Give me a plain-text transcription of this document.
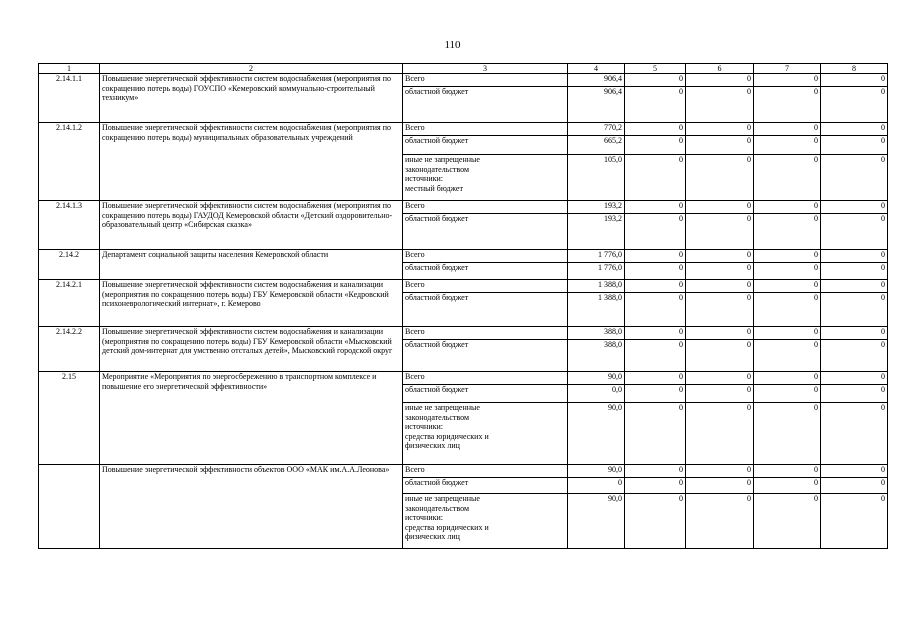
110
1	2	3	4	5	6	7	8
2.14.1.1	Повышение энергетической эффективности систем водоснабжения (мероприятия по сокращению потерь воды) ГОУСПО «Кемеровский коммунально-строительный техникум»	Всего	906,4	0	0	0	0
		областной бюджет	906,4	0	0	0	0
2.14.1.2	Повышение энергетической эффективности систем водоснабжения (мероприятия по сокращению потерь воды) муниципальных образовательных учреждений	Всего	770,2	0	0	0	0
		областной бюджет	665,2	0	0	0	0

		иные не запрещенные
законодательством
источники:
местный бюджет	105,0	0	0	0	0
2.14.1.3	Повышение энергетической эффективности систем водоснабжения (мероприятия по сокращению потерь воды) ГАУДОД Кемеровской области «Детский оздоровительно-образовательный центр «Сибирская сказка»	Всего	193,2	0	0	0	0
		областной бюджет	193,2	0	0	0	0
2.14.2	Департамент социальной защиты населения Кемеровской области	Всего	1 776,0	0	0	0	0
		областной бюджет	1 776,0	0	0	0	0
2.14.2.1	Повышение энергетической эффективности систем водоснабжения и канализации (мероприятия по сокращению потерь воды) ГБУ Кемеровской области «Кедровский психоневрологический интернат», г. Кемерово	Всего	1 388,0	0	0	0	0
		областной бюджет	1 388,0	0	0	0	0
2.14.2.2	Повышение энергетической эффективности систем водоснабжения и канализации (мероприятия по сокращению потерь воды) ГБУ Кемеровской области «Мысковский детский дом-интернат для умственно отсталых детей», Мысковский городской округ	Всего	388,0	0	0	0	0
		областной бюджет	388,0	0	0	0	0
2.15	Мероприятие «Мероприятия по энергосбережению в транспортном комплексе и повышение его энергетической эффективности»	Всего	90,0	0	0	0	0
		областной бюджет	0,0	0	0	0	0

		иные не запрещенные
законодательством
источники:
средства юридических и
физических лиц	90,0	0	0	0	0
	Повышение энергетической эффективности объектов ООО «МАК им.А.А.Леонова»	Всего	90,0	0	0	0	0
		областной бюджет	0	0	0	0	0

		иные не запрещенные
законодательством
источники:
средства юридических и
физических лиц	90,0	0	0	0	0
